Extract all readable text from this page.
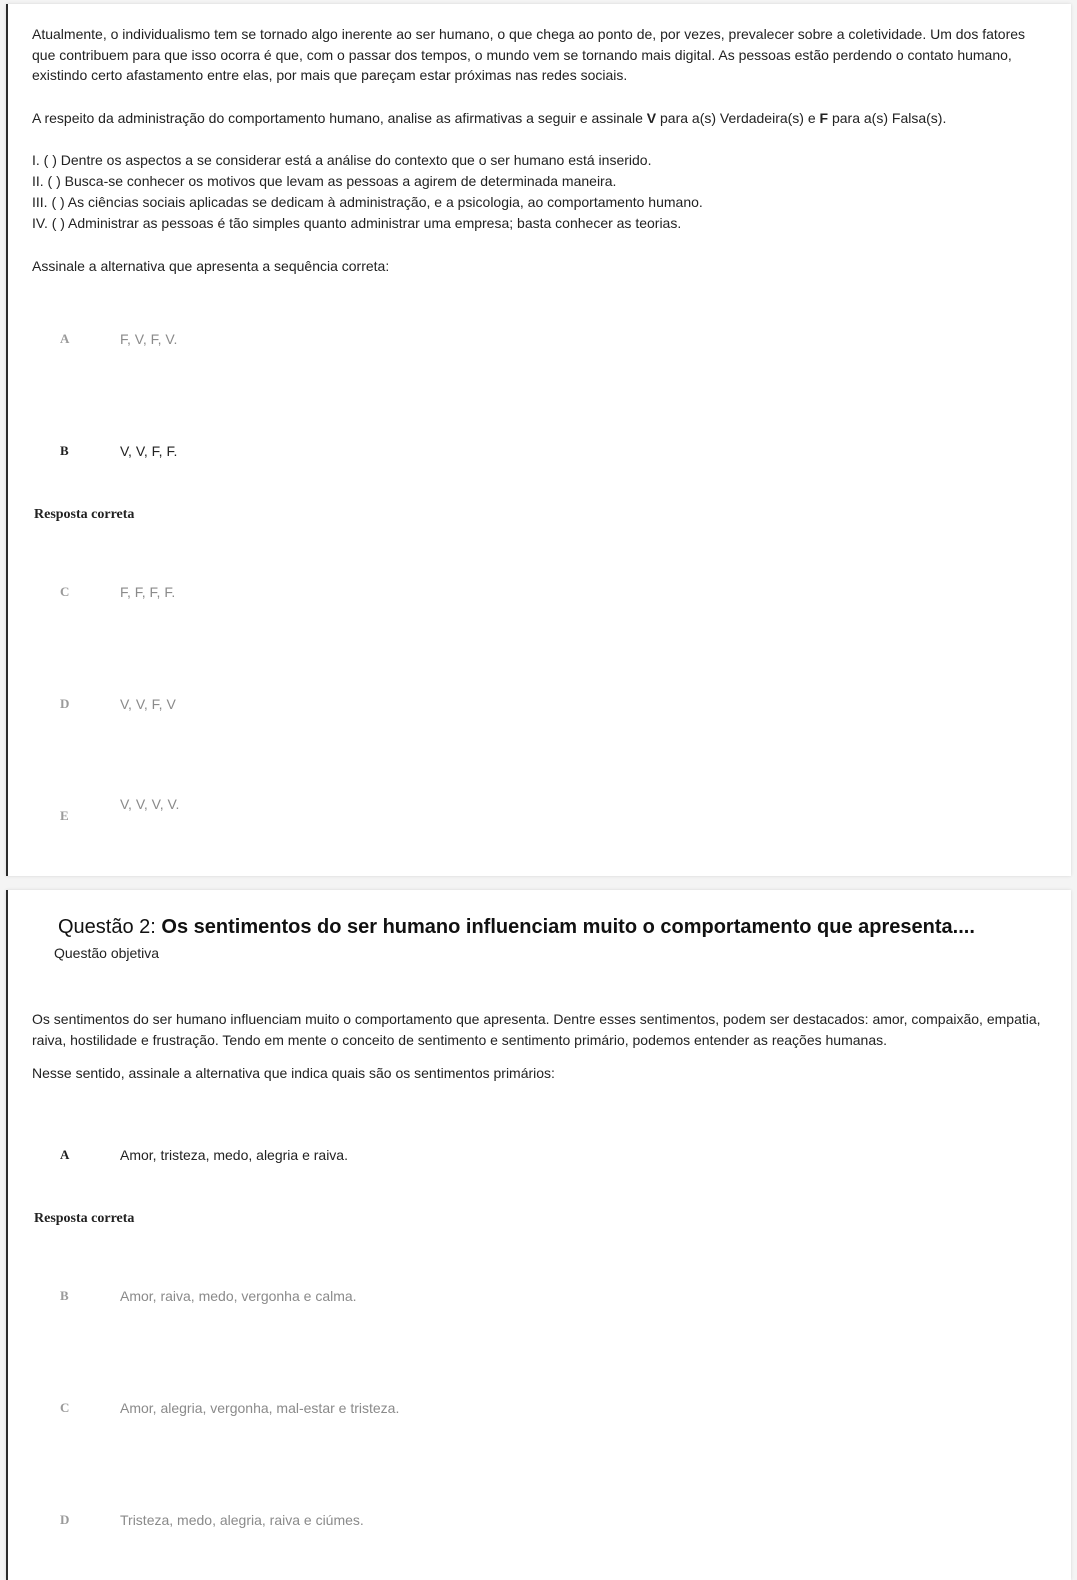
Atualmente, o individualismo tem se tornado algo inerente ao ser humano, o que chega ao ponto de, por vezes, prevalecer sobre a coletividade. Um dos fatores
que contribuem para que isso ocorra é que, com o passar dos tempos, o mundo vem se tornando mais digital. As pessoas estão perdendo o contato humano,
existindo certo afastamento entre elas, por mais que pareçam estar próximas nas redes sociais.
A respeito da administração do comportamento humano, analise as afirmativas a seguir e assinale V para a(s) Verdadeira(s) e F para a(s) Falsa(s).
I. ( ) Dentre os aspectos a se considerar está a análise do contexto que o ser humano está inserido.
II. ( ) Busca-se conhecer os motivos que levam as pessoas a agirem de determinada maneira.
III. ( ) As ciências sociais aplicadas se dedicam à administração, e a psicologia, ao comportamento humano.
IV. ( ) Administrar as pessoas é tão simples quanto administrar uma empresa; basta conhecer as teorias.
Assinale a alternativa que apresenta a sequência correta:
A	F, V, F, V.
B	V, V, F, F.
Resposta correta
C	F, F, F, F.
D	V, V, F, V
E
V, V, V, V.
Questão 2: Os sentimentos do ser humano influenciam muito o comportamento que apresenta....
Questão objetiva
Os sentimentos do ser humano influenciam muito o comportamento que apresenta. Dentre esses sentimentos, podem ser destacados: amor, compaixão, empatia,
raiva, hostilidade e frustração. Tendo em mente o conceito de sentimento e sentimento primário, podemos entender as reações humanas.
Nesse sentido, assinale a alternativa que indica quais são os sentimentos primários:
A	Amor, tristeza, medo, alegria e raiva.
Resposta correta
B	Amor, raiva, medo, vergonha e calma.
C	Amor, alegria, vergonha, mal-estar e tristeza.
D	Tristeza, medo, alegria, raiva e ciúmes.
